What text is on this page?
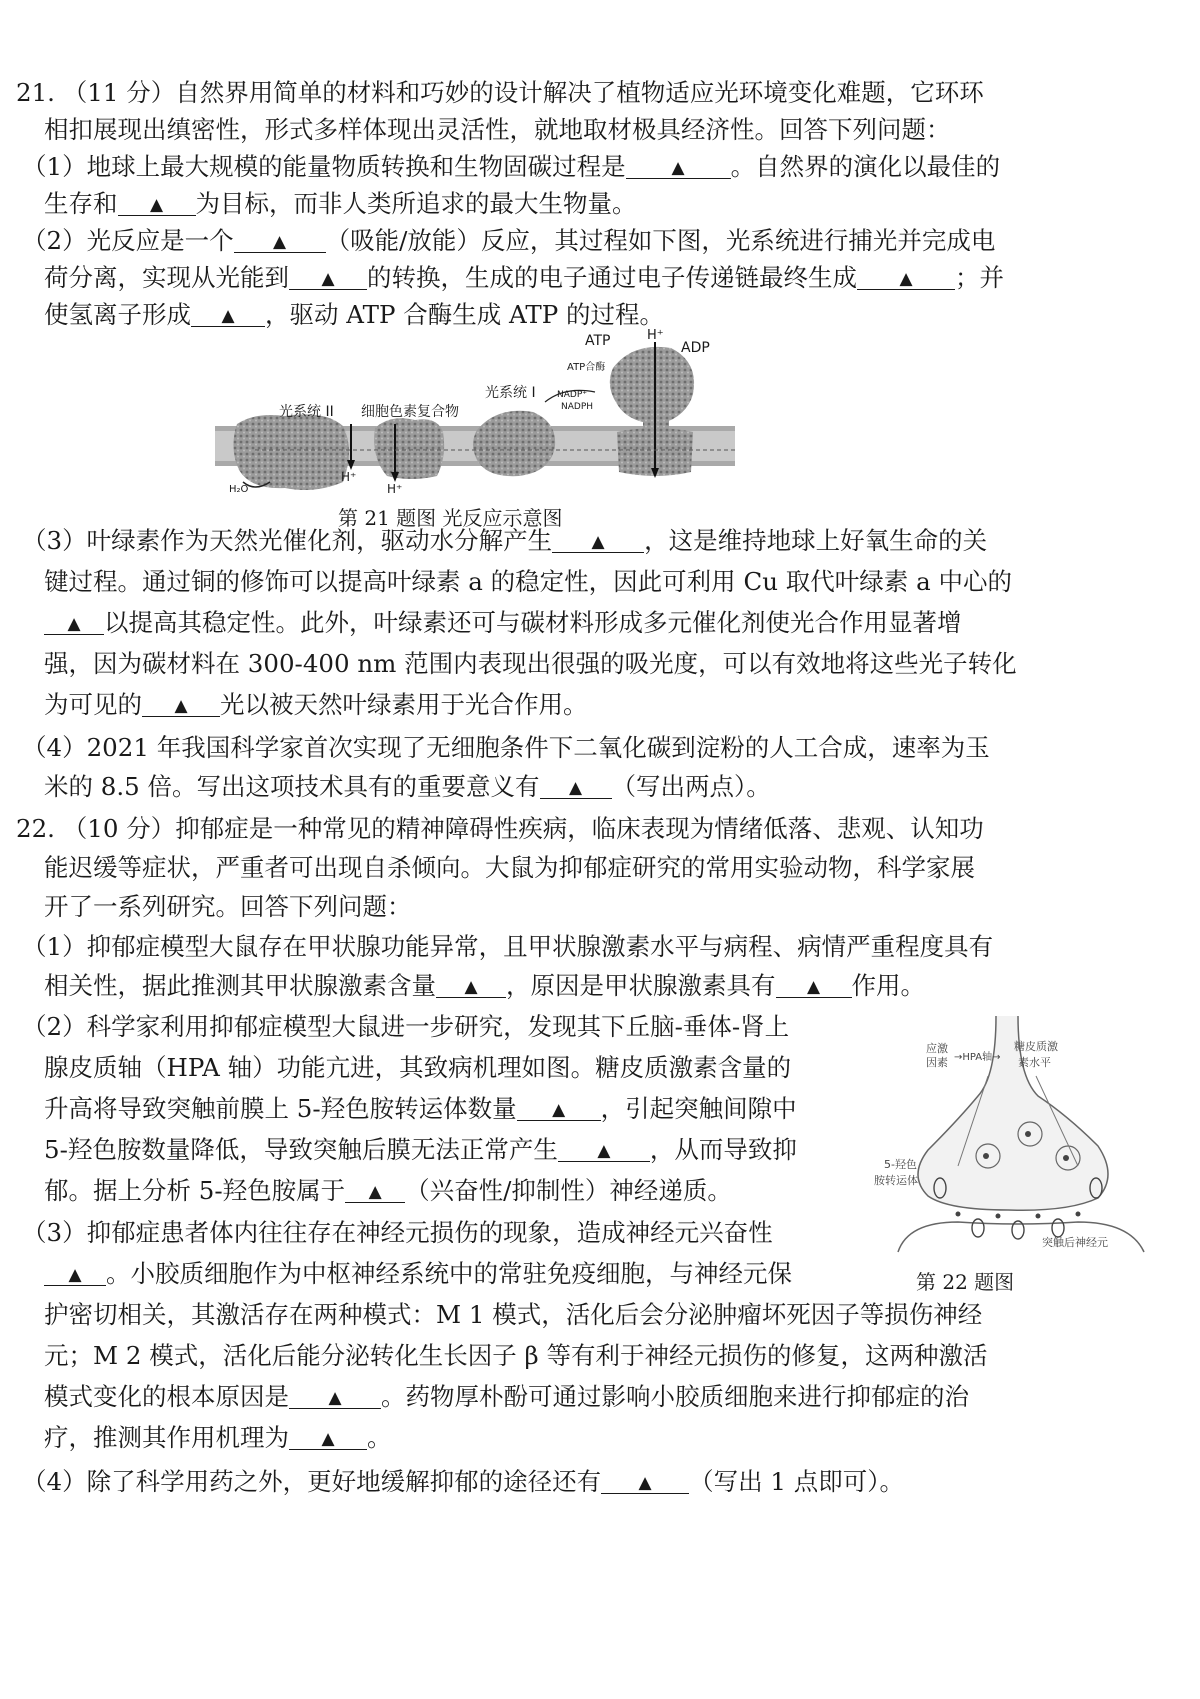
21. （11 分）自然界用简单的材料和巧妙的设计解决了植物适应光环境变化难题，它环环
相扣展现出缜密性，形式多样体现出灵活性，就地取材极具经济性。回答下列问题：
（1）地球上最大规模的能量物质转换和生物固碳过程是	▲ 。自然界的演化以最佳的
生存和 ▲ 为目标，而非人类所追求的最大生物量。
（2）光反应是一个 ▲ （吸能/放能）反应，其过程如下图，光系统进行捕光并完成电
荷分离，实现从光能到 ▲ 的转换，生成的电子通过电子传递链最终生成 ▲ ；并
使氢离子形成 ▲ ，驱动 ATP 合酶生成 ATP 的过程。
ATP	H⁺
ADP
ATP合酶
光系统 II 细胞色素复合物
光系统 I NADP⁺
NADPH
H₂O
H⁺
H⁺
第 21 题图 光反应示意图
（3）叶绿素作为天然光催化剂，驱动水分解产生 ▲ ，这是维持地球上好氧生命的关
键过程。通过铜的修饰可以提高叶绿素 a 的稳定性，因此可利用 Cu 取代叶绿素 a 中心的
▲ 以提高其稳定性。此外，叶绿素还可与碳材料形成多元催化剂使光合作用显著增
强，因为碳材料在 300-400 nm 范围内表现出很强的吸光度，可以有效地将这些光子转化
为可见的 ▲ 光以被天然叶绿素用于光合作用。
（4）2021 年我国科学家首次实现了无细胞条件下二氧化碳到淀粉的人工合成，速率为玉
米的 8.5 倍。写出这项技术具有的重要意义有 ▲ （写出两点）。
22. （10 分）抑郁症是一种常见的精神障碍性疾病，临床表现为情绪低落、悲观、认知功
能迟缓等症状，严重者可出现自杀倾向。大鼠为抑郁症研究的常用实验动物，科学家展
开了一系列研究。回答下列问题：
（1）抑郁症模型大鼠存在甲状腺功能异常，且甲状腺激素水平与病程、病情严重程度具有
相关性，据此推测其甲状腺激素含量 ▲ ，原因是甲状腺激素具有 ▲ 作用。
（2）科学家利用抑郁症模型大鼠进一步研究，发现其下丘脑-垂体-肾上
腺皮质轴（HPA 轴）功能亢进，其致病机理如图。糖皮质激素含量的
升高将导致突触前膜上 5-羟色胺转运体数量 ▲ ，引起突触间隙中
5-羟色胺数量降低，导致突触后膜无法正常产生 ▲ ，从而导致抑
郁。据上分析 5-羟色胺属于 ▲ （兴奋性/抑制性）神经递质。
应激
因素 →HPA轴→
糖皮质激
素水平
5-羟色
胺转运体
突触后神经元
第 22 题图
（3）抑郁症患者体内往往存在神经元损伤的现象，造成神经元兴奋性
▲ 。小胶质细胞作为中枢神经系统中的常驻免疫细胞，与神经元保
护密切相关，其激活存在两种模式：M 1 模式，活化后会分泌肿瘤坏死因子等损伤神经
元；M 2 模式，活化后能分泌转化生长因子 β 等有利于神经元损伤的修复，这两种激活
模式变化的根本原因是 ▲ 。药物厚朴酚可通过影响小胶质细胞来进行抑郁症的治
疗，推测其作用机理为 ▲ 。
（4）除了科学用药之外，更好地缓解抑郁的途径还有 ▲ （写出 1 点即可）。
